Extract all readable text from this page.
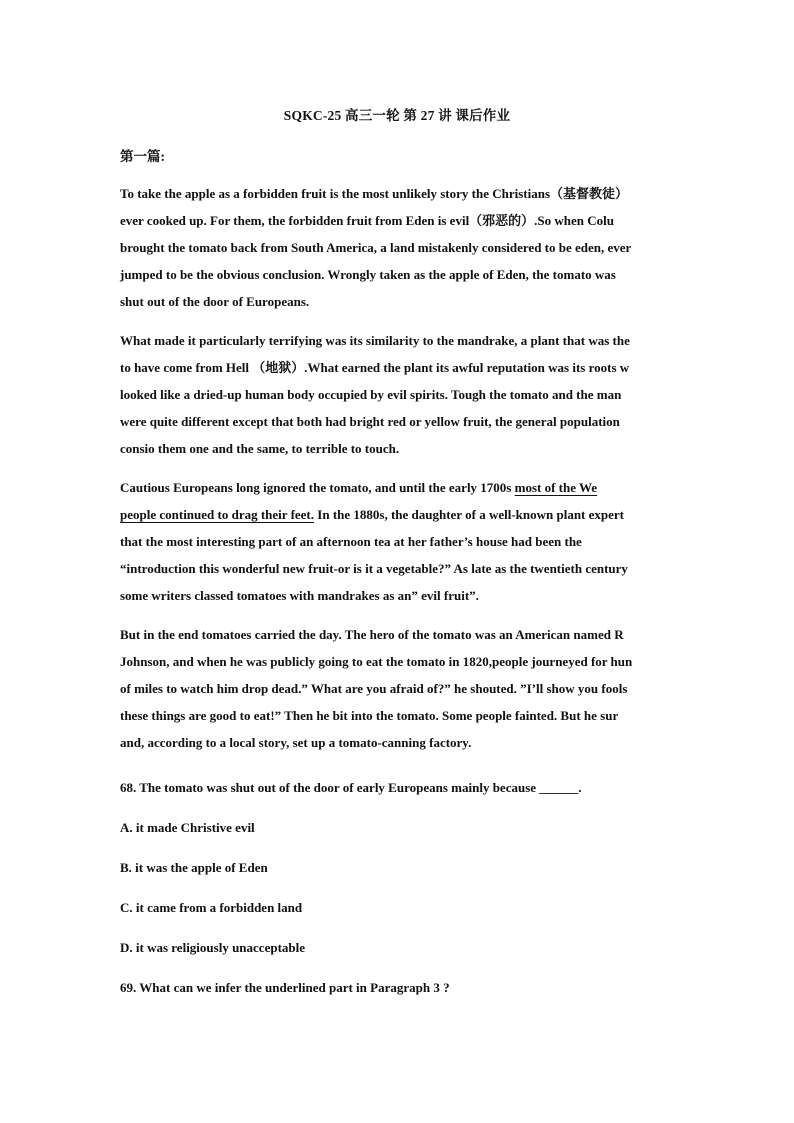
SQKC-25 高三一轮 第 27 讲 课后作业
第一篇:
To take the apple as a forbidden fruit is the most unlikely story the Christians（基督教徒）
ever cooked up. For them, the forbidden fruit from Eden is evil（邪恶的）.So when Colu
brought the tomato back from South America, a land mistakenly considered to be eden, ever
jumped to be the obvious conclusion. Wrongly taken as the apple of Eden, the tomato was
shut out of the door of Europeans.
What made it particularly terrifying was its similarity to the mandrake, a plant that was the
to have come from Hell （地狱）.What earned the plant its awful reputation was its roots w
looked like a dried-up human body occupied by evil spirits. Tough the tomato and the man
were quite different except that both had bright red or yellow fruit, the general population
consio them one and the same, to terrible to touch.
Cautious Europeans long ignored the tomato, and until the early 1700s most of the We
people continued to drag their feet. In the 1880s, the daughter of a well-known plant expert
that the most interesting part of an afternoon tea at her father’s house had been the
“introduction this wonderful new fruit-or is it a vegetable?” As late as the twentieth century
some writers classed tomatoes with mandrakes as an” evil fruit”.
But in the end tomatoes carried the day. The hero of the tomato was an American named R
Johnson, and when he was publicly going to eat the tomato in 1820,people journeyed for hun
of miles to watch him drop dead.” What are you afraid of?” he shouted. ”I’ll show you fools
these things are good to eat!” Then he bit into the tomato. Some people fainted. But he sur
and, according to a local story, set up a tomato-canning factory.
68. The tomato was shut out of the door of early Europeans mainly because ______.
A. it made Christive evil
B. it was the apple of Eden
C. it came from a forbidden land
D. it was religiously unacceptable
69. What can we infer the underlined part in Paragraph 3 ?
